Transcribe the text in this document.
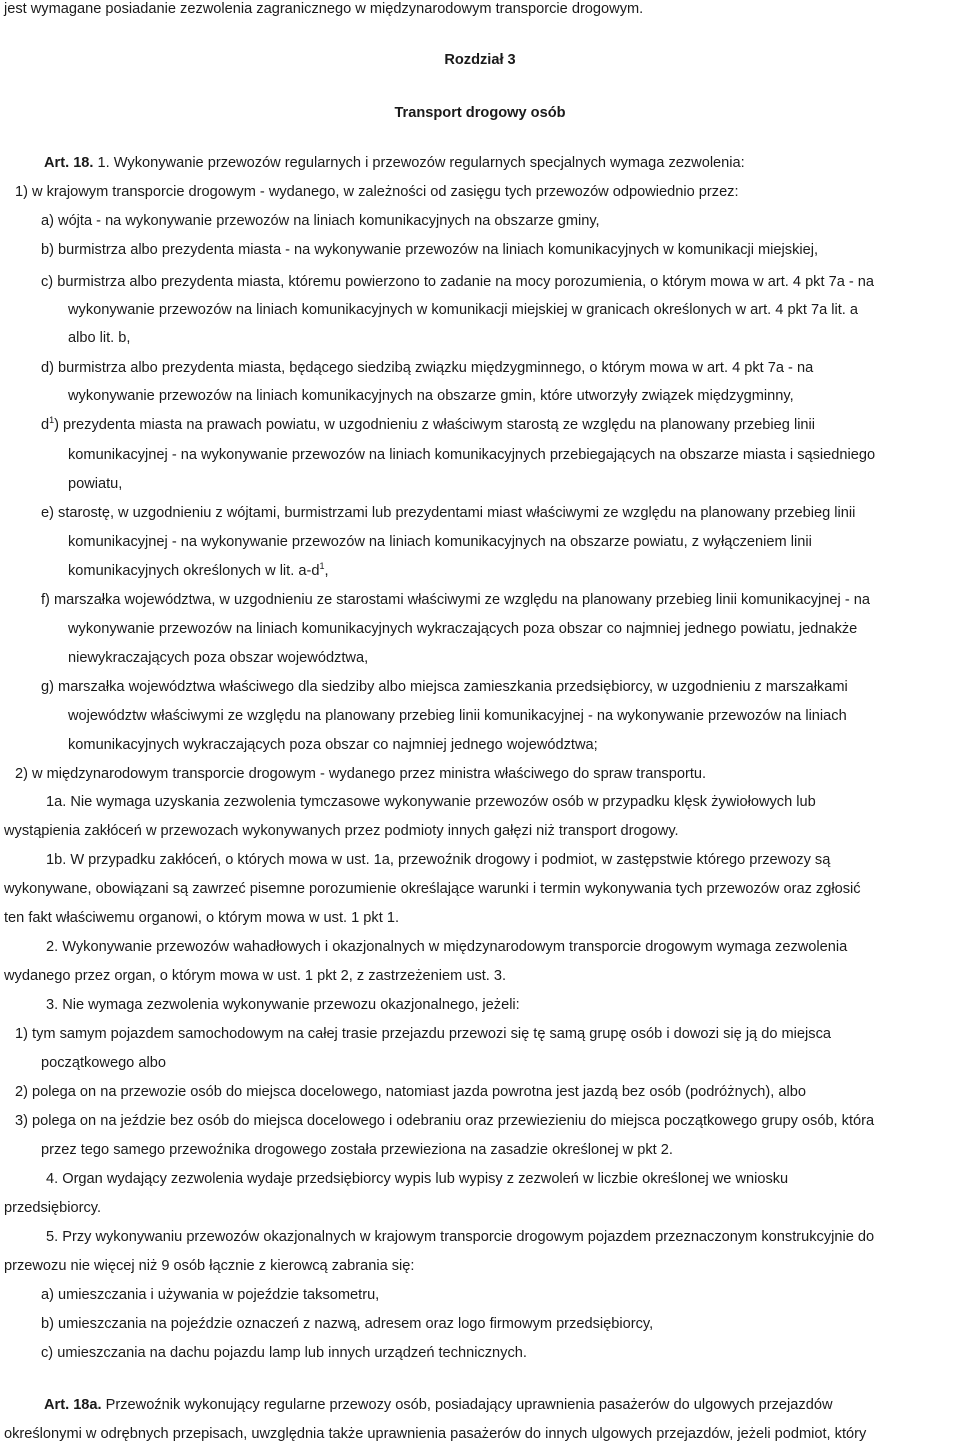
jest wymagane posiadanie zezwolenia zagranicznego w międzynarodowym transporcie drogowym.
Rozdział 3
Transport drogowy osób
Art. 18. 1. Wykonywanie przewozów regularnych i przewozów regularnych specjalnych wymaga zezwolenia:
1) w krajowym transporcie drogowym - wydanego, w zależności od zasięgu tych przewozów odpowiednio przez:
a) wójta - na wykonywanie przewozów na liniach komunikacyjnych na obszarze gminy,
b) burmistrza albo prezydenta miasta - na wykonywanie przewozów na liniach komunikacyjnych w komunikacji miejskiej,
c) burmistrza albo prezydenta miasta, któremu powierzono to zadanie na mocy porozumienia, o którym mowa w art. 4 pkt 7a - na
wykonywanie przewozów na liniach komunikacyjnych w komunikacji miejskiej w granicach określonych w art. 4 pkt 7a lit. a
albo lit. b,
d) burmistrza albo prezydenta miasta, będącego siedzibą związku międzygminnego, o którym mowa w art. 4 pkt 7a - na
wykonywanie przewozów na liniach komunikacyjnych na obszarze gmin, które utworzyły związek międzygminny,
$d^1$) prezydenta miasta na prawach powiatu, w uzgodnieniu z właściwym starostą ze względu na planowany przebieg linii
komunikacyjnej - na wykonywanie przewozów na liniach komunikacyjnych przebiegających na obszarze miasta i sąsiedniego
powiatu,
e) starostę, w uzgodnieniu z wójtami, burmistrzami lub prezydentami miast właściwymi ze względu na planowany przebieg linii
komunikacyjnej - na wykonywanie przewozów na liniach komunikacyjnych na obszarze powiatu, z wyłączeniem linii
komunikacyjnych określonych w lit. $a-d^1$,
f) marszałka województwa, w uzgodnieniu ze starostami właściwymi ze względu na planowany przebieg linii komunikacyjnej - na
wykonywanie przewozów na liniach komunikacyjnych wykraczających poza obszar co najmniej jednego powiatu, jednakże
niewykraczających poza obszar województwa,
g) marszałka województwa właściwego dla siedziby albo miejsca zamieszkania przedsiębiorcy, w uzgodnieniu z marszałkami
województw właściwymi ze względu na planowany przebieg linii komunikacyjnej - na wykonywanie przewozów na liniach
komunikacyjnych wykraczających poza obszar co najmniej jednego województwa;
2) w międzynarodowym transporcie drogowym - wydanego przez ministra właściwego do spraw transportu.
1a. Nie wymaga uzyskania zezwolenia tymczasowe wykonywanie przewozów osób w przypadku klęsk żywiołowych lub
wystąpienia zakłóceń w przewozach wykonywanych przez podmioty innych gałęzi niż transport drogowy.
1b. W przypadku zakłóceń, o których mowa w ust. 1a, przewoźnik drogowy i podmiot, w zastępstwie którego przewozy są
wykonywane, obowiązani są zawrzeć pisemne porozumienie określające warunki i termin wykonywania tych przewozów oraz zgłosić
ten fakt właściwemu organowi, o którym mowa w ust. 1 pkt 1.
2. Wykonywanie przewozów wahadłowych i okazjonalnych w międzynarodowym transporcie drogowym wymaga zezwolenia
wydanego przez organ, o którym mowa w ust. 1 pkt 2, z zastrzeżeniem ust. 3.
3. Nie wymaga zezwolenia wykonywanie przewozu okazjonalnego, jeżeli:
1) tym samym pojazdem samochodowym na całej trasie przejazdu przewozi się tę samą grupę osób i dowozi się ją do miejsca
początkowego albo
2) polega on na przewozie osób do miejsca docelowego, natomiast jazda powrotna jest jazdą bez osób (podróżnych), albo
3) polega on na jeździe bez osób do miejsca docelowego i odebraniu oraz przewiezieniu do miejsca początkowego grupy osób, która
przez tego samego przewoźnika drogowego została przewieziona na zasadzie określonej w pkt 2.
4. Organ wydający zezwolenia wydaje przedsiębiorcy wypis lub wypisy z zezwoleń w liczbie określonej we wniosku
przedsiębiorcy.
5. Przy wykonywaniu przewozów okazjonalnych w krajowym transporcie drogowym pojazdem przeznaczonym konstrukcyjnie do
przewozu nie więcej niż 9 osób łącznie z kierowcą zabrania się:
a) umieszczania i używania w pojeździe taksometru,
b) umieszczania na pojeździe oznaczeń z nazwą, adresem oraz logo firmowym przedsiębiorcy,
c) umieszczania na dachu pojazdu lamp lub innych urządzeń technicznych.
Art. 18a. Przewoźnik wykonujący regularne przewozy osób, posiadający uprawnienia pasażerów do ulgowych przejazdów
określonymi w odrębnych przepisach, uwzględnia także uprawnienia pasażerów do innych ulgowych przejazdów, jeżeli podmiot, który
